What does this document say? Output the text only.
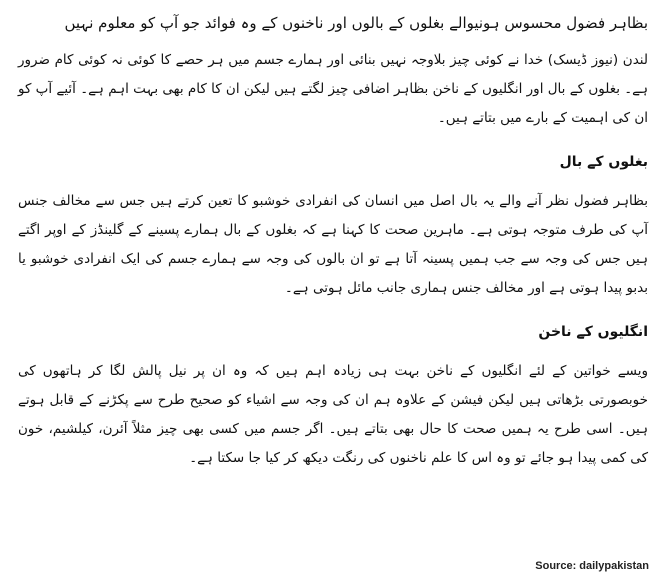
بظاہر فضول محسوس ہونیوالے بغلوں کے بالوں اور ناخنوں کے وہ فوائد جو آپ کو معلوم نہیں

لندن (نیوز ڈیسک) خدا نے کوئی چیز بلاوجہ نہیں بنائی اور ہمارے جسم میں ہر حصے کا کوئی نہ کوئی کام ضرور ہے۔ بغلوں کے بال اور انگلیوں کے ناخن بظاہر اضافی چیز لگتے ہیں لیکن ان کا کام بھی بہت اہم ہے۔ آئیے آپ کو ان کی اہمیت کے بارے میں بتاتے ہیں۔

بغلوں کے بال

بظاہر فضول نظر آنے والے یہ بال اصل میں انسان کی انفرادی خوشبو کا تعین کرتے ہیں جس سے مخالف جنس آپ کی طرف متوجہ ہوتی ہے۔ ماہرین صحت کا کہنا ہے کہ بغلوں کے بال ہمارے پسینے کے گلینڈز کے اوپر اگتے ہیں جس کی وجہ سے جب ہمیں پسینہ آتا ہے تو ان بالوں کی وجہ سے ہمارے جسم کی ایک انفرادی خوشبو یا بدبو پیدا ہوتی ہے اور مخالف جنس ہماری جانب مائل ہوتی ہے۔

انگلیوں کے ناخن

ویسے خواتین کے لئے انگلیوں کے ناخن بہت ہی زیادہ اہم ہیں کہ وہ ان پر نیل پالش لگا کر ہاتھوں کی خوبصورتی بڑھاتی ہیں لیکن فیشن کے علاوہ ہم ان کی وجہ سے اشیاء کو صحیح طرح سے پکڑنے کے قابل ہوتے ہیں۔ اسی طرح یہ ہمیں صحت کا حال بھی بتاتے ہیں۔ اگر جسم میں کسی بھی چیز مثلاً آئرن، کیلشیم، خون کی کمی پیدا ہو جائے تو وہ اس کا علم ناخنوں کی رنگت دیکھ کر کیا جا سکتا ہے۔

Source: dailypakistan
